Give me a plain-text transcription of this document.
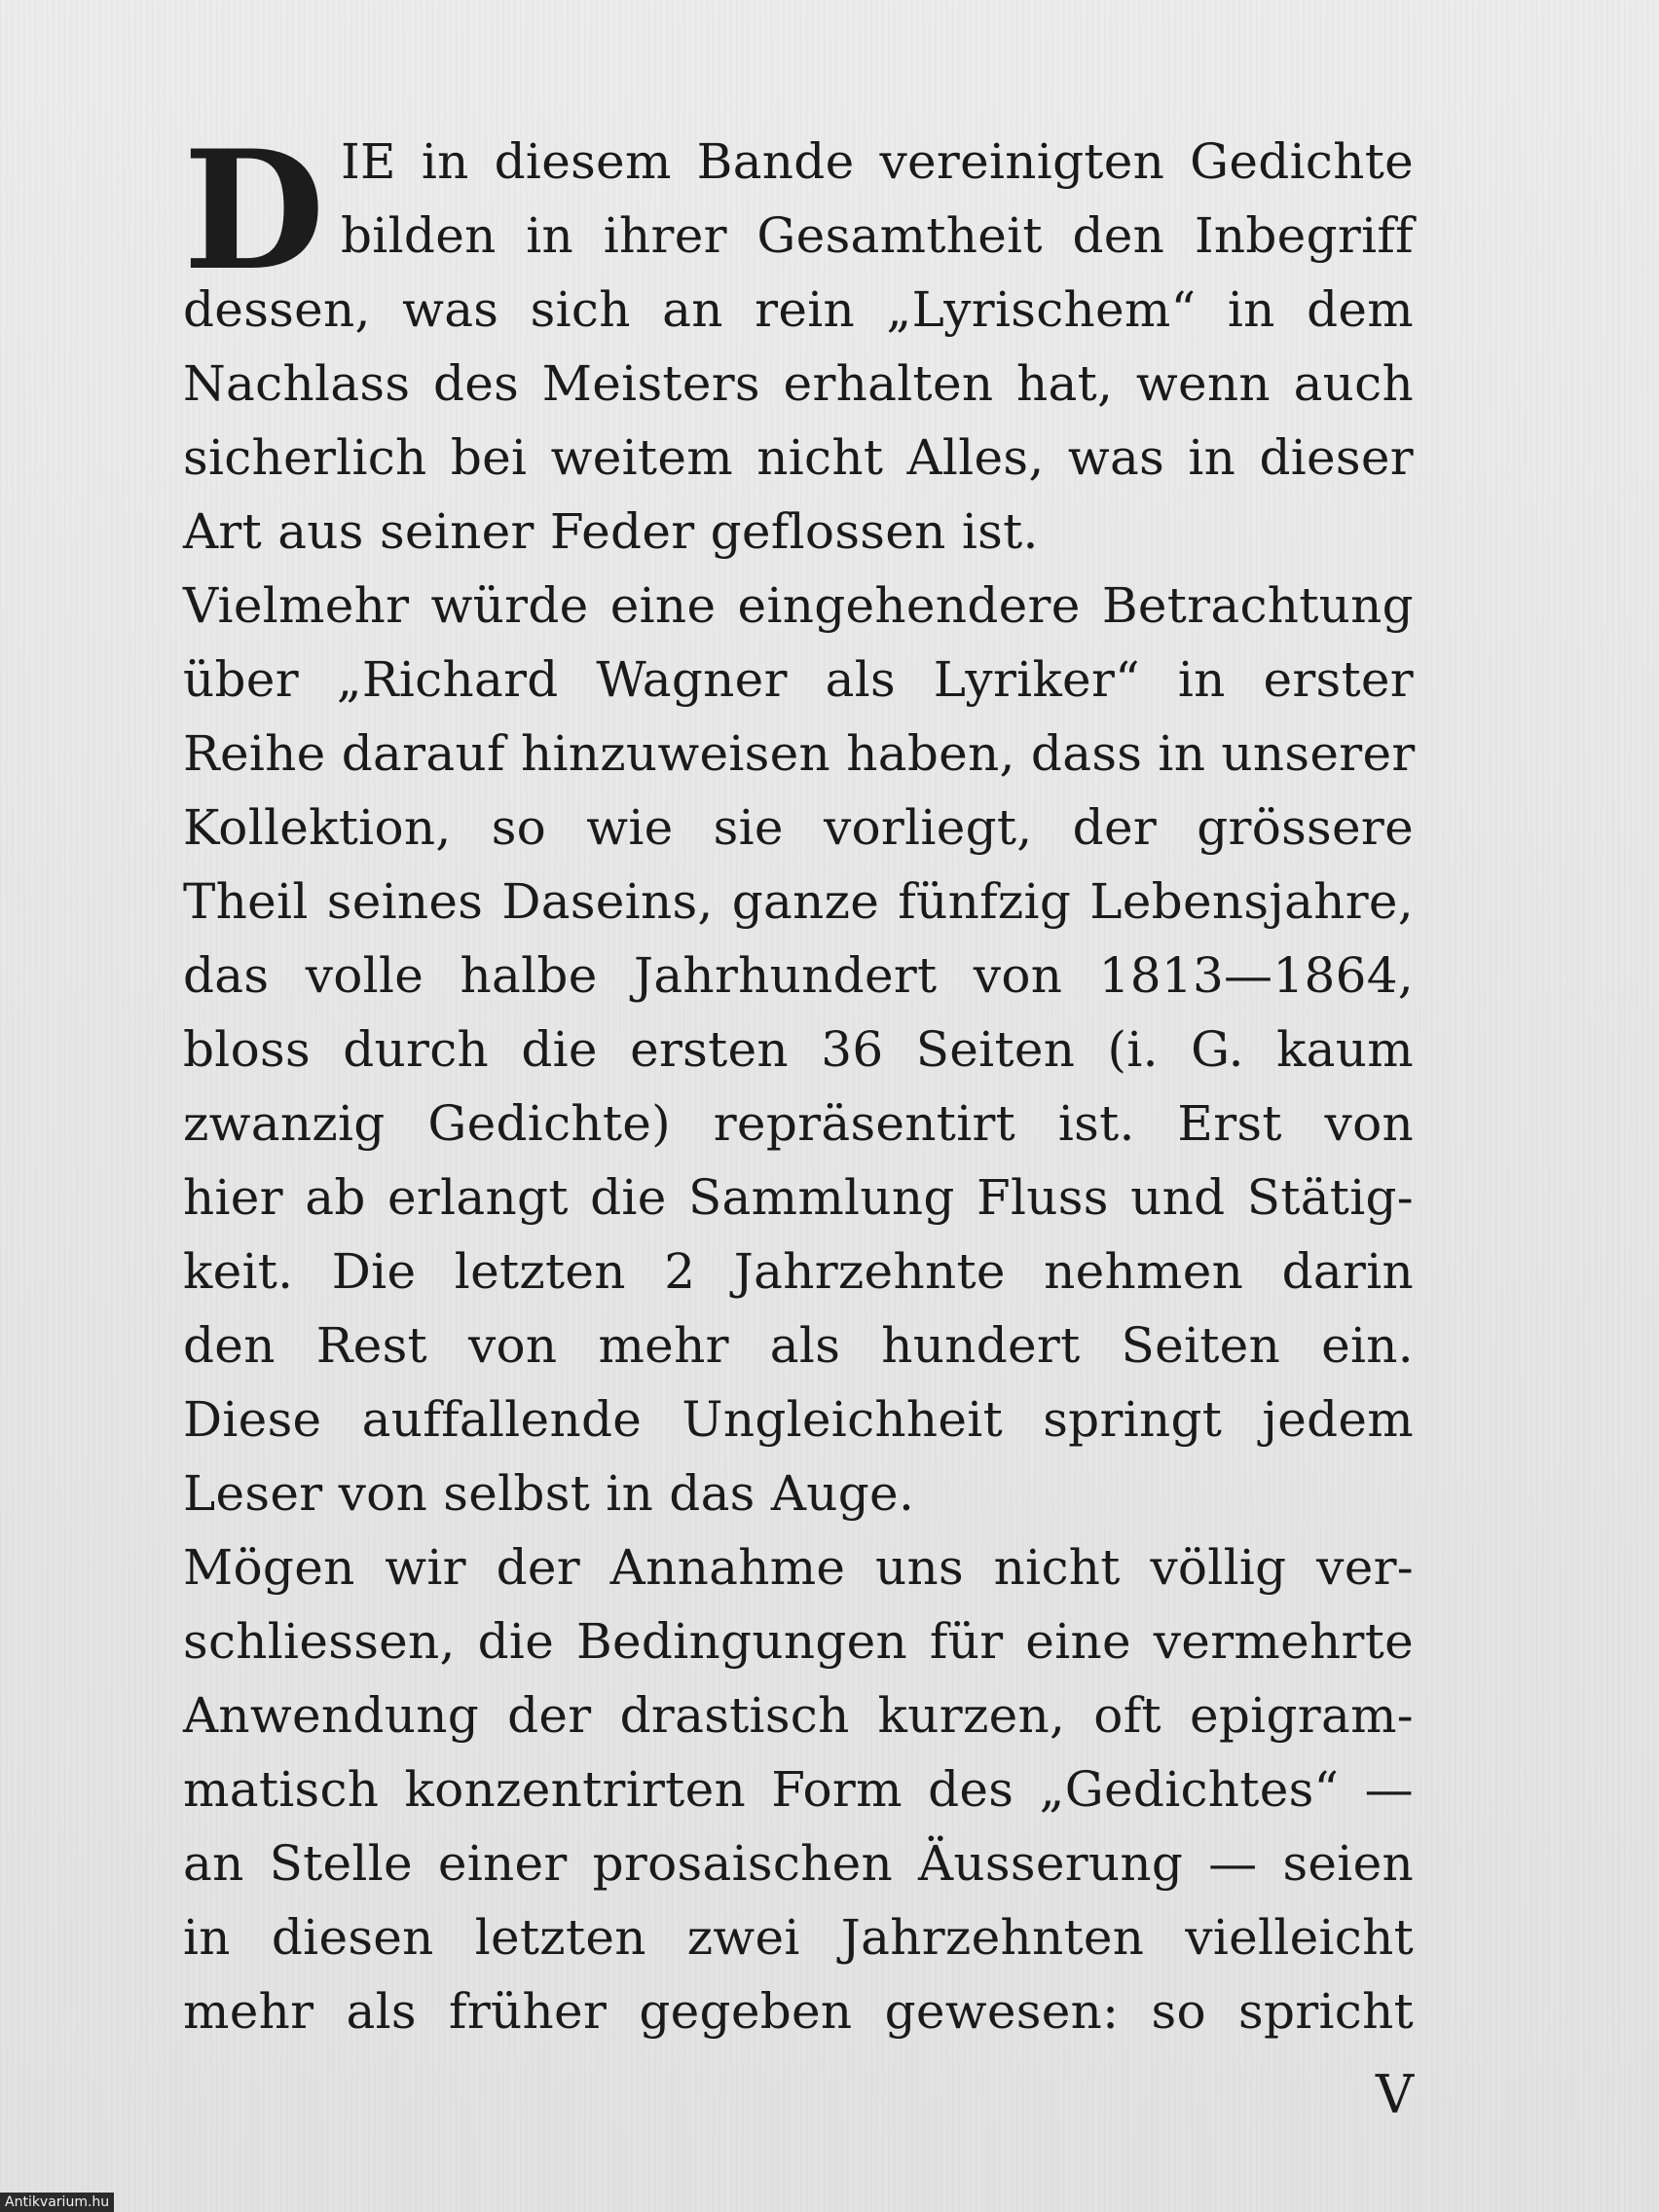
D IE in diesem Bande vereinigten Gedichte
bilden in ihrer Gesamtheit den Inbegriff
dessen, was sich an rein „Lyrischem“ in dem
Nachlass des Meisters erhalten hat, wenn auch
sicherlich bei weitem nicht Alles, was in dieser
Art aus seiner Feder geflossen ist.
Vielmehr würde eine eingehendere Betrachtung
über „Richard Wagner als Lyriker“ in erster
Reihe darauf hinzuweisen haben, dass in unserer
Kollektion, so wie sie vorliegt, der grössere
Theil seines Daseins, ganze fünfzig Lebensjahre,
das volle halbe Jahrhundert von 1813—1864,
bloss durch die ersten 36 Seiten (i. G. kaum
zwanzig Gedichte) repräsentirt ist. Erst von
hier ab erlangt die Sammlung Fluss und Stätig-
keit. Die letzten 2 Jahrzehnte nehmen darin
den Rest von mehr als hundert Seiten ein.
Diese auffallende Ungleichheit springt jedem
Leser von selbst in das Auge.
Mögen wir der Annahme uns nicht völlig ver-
schliessen, die Bedingungen für eine vermehrte
Anwendung der drastisch kurzen, oft epigram-
matisch konzentrirten Form des „Gedichtes“ —
an Stelle einer prosaischen Äusserung — seien
in diesen letzten zwei Jahrzehnten vielleicht
mehr als früher gegeben gewesen: so spricht
V
Antikvarium.hu
